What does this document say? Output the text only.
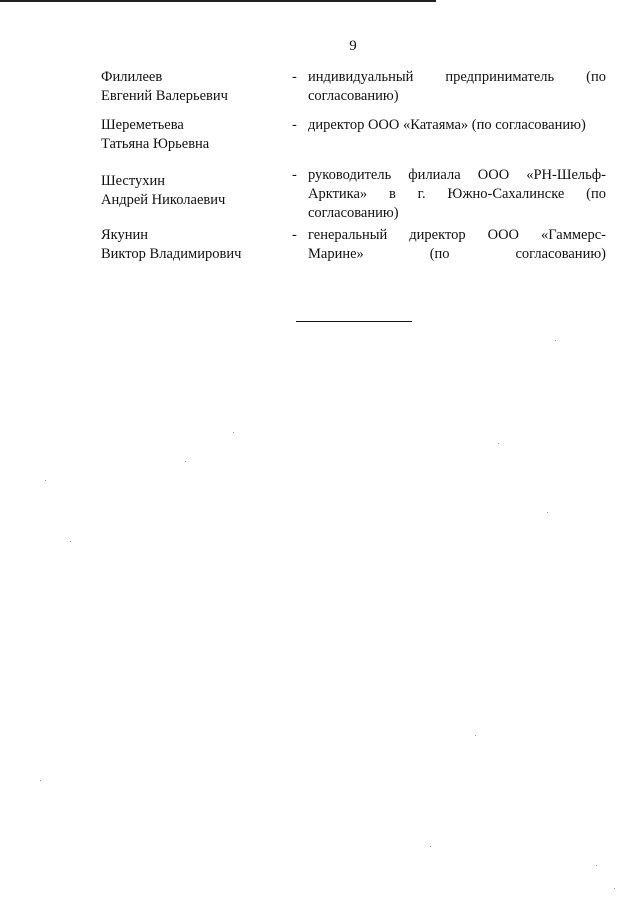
9
Филилеев
Евгений Валерьевич
- индивидуальный предприниматель (по согласованию)
Шереметьева
Татьяна Юрьевна
- директор ООО «Катаяма» (по согласованию)
Шестухин
Андрей Николаевич
- руководитель филиала ООО «РН-Шельф-Арктика» в г. Южно-Сахалинске (по согласованию)
Якунин
Виктор Владимирович
- генеральный директор ООО «Гаммерс-Марине» (по согласованию)
